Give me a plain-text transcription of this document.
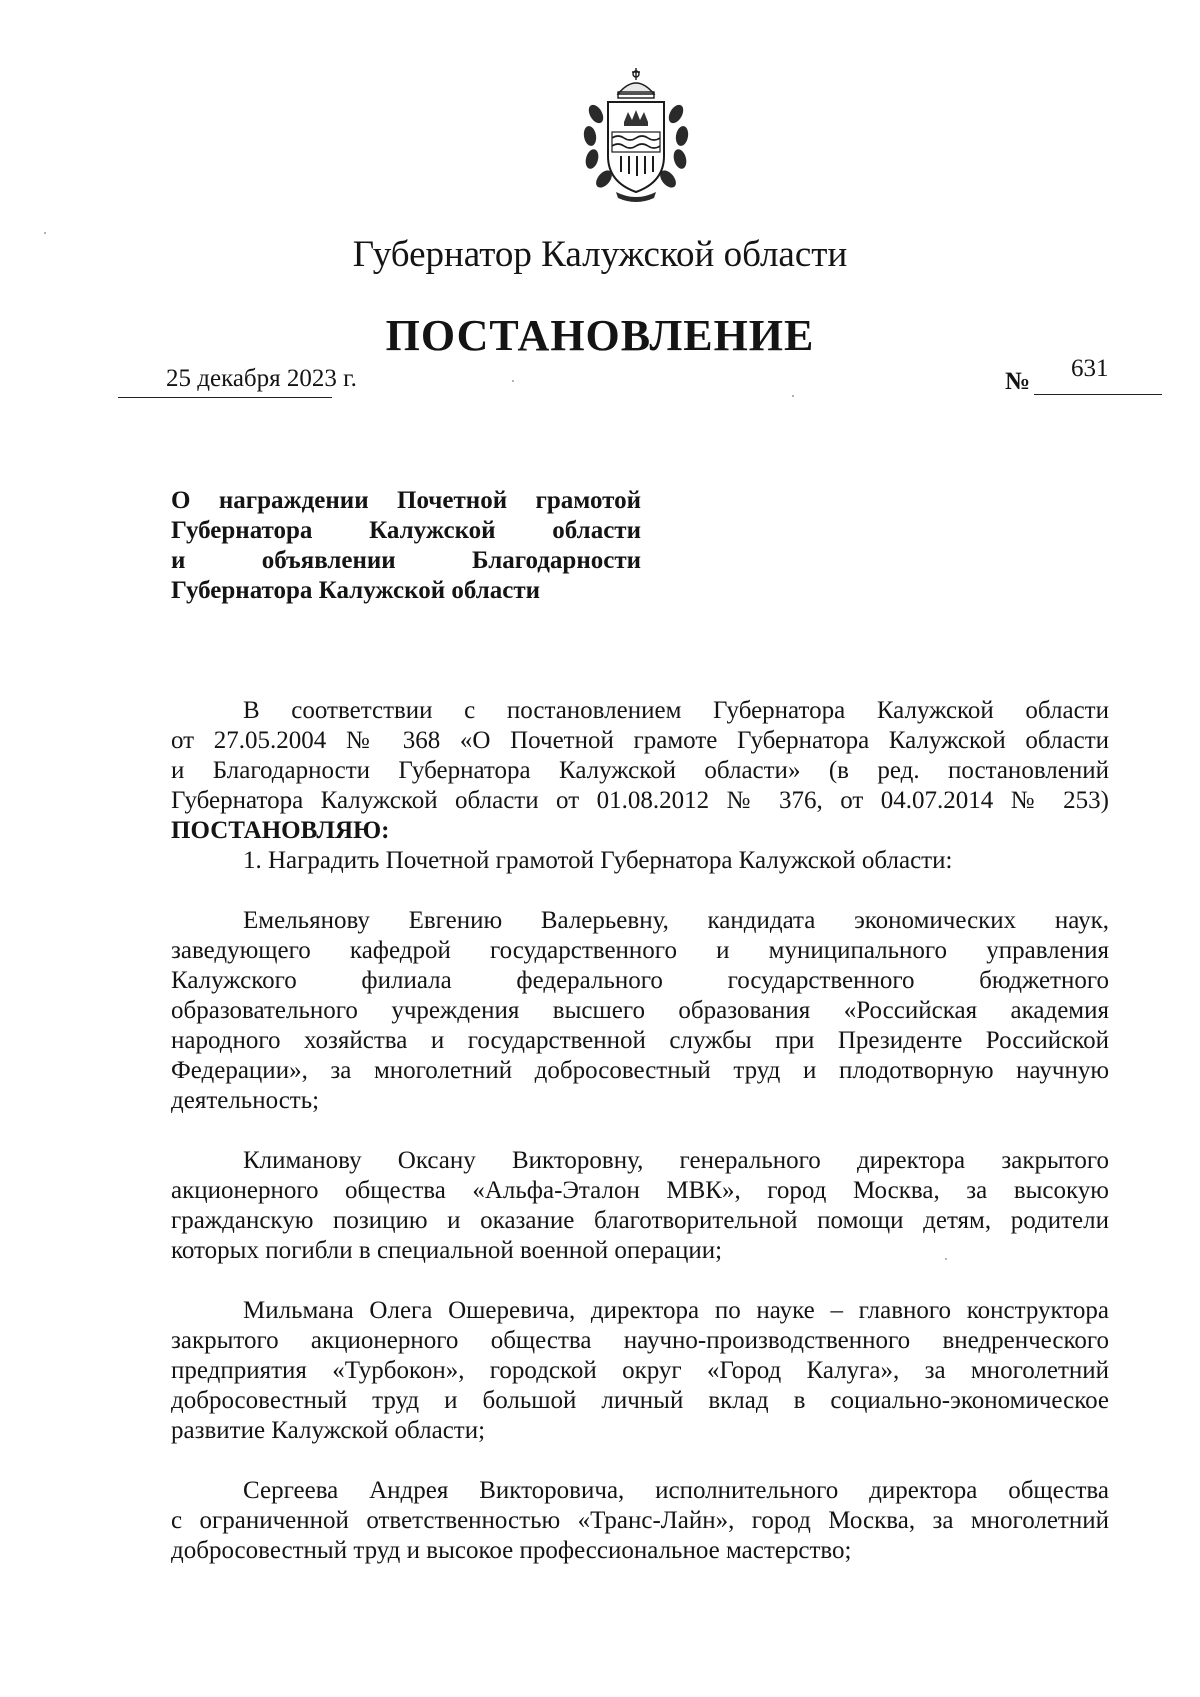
Губернатор Калужской области
ПОСТАНОВЛЕНИЕ
25 декабря 2023 г.	№ 631
О награждении Почетной грамотой
Губернатора Калужской области
и объявлении Благодарности
Губернатора Калужской области
В соответствии с постановлением Губернатора Калужской области
от 27.05.2004 № 368 «О Почетной грамоте Губернатора Калужской области
и Благодарности Губернатора Калужской области» (в ред. постановлений
Губернатора Калужской области от 01.08.2012 № 376, от 04.07.2014 № 253)
ПОСТАНОВЛЯЮ:
1. Наградить Почетной грамотой Губернатора Калужской области:
Емельянову Евгению Валерьевну, кандидата экономических наук,
заведующего кафедрой государственного и муниципального управления
Калужского филиала федерального государственного бюджетного
образовательного учреждения высшего образования «Российская академия
народного хозяйства и государственной службы при Президенте Российской
Федерации», за многолетний добросовестный труд и плодотворную научную
деятельность;
Климанову Оксану Викторовну, генерального директора закрытого
акционерного общества «Альфа-Эталон МВК», город Москва, за высокую
гражданскую позицию и оказание благотворительной помощи детям, родители
которых погибли в специальной военной операции;
Мильмана Олега Ошеревича, директора по науке – главного конструктора
закрытого акционерного общества научно-производственного внедренческого
предприятия «Турбокон», городской округ «Город Калуга», за многолетний
добросовестный труд и большой личный вклад в социально-экономическое
развитие Калужской области;
Сергеева Андрея Викторовича, исполнительного директора общества
с ограниченной ответственностью «Транс-Лайн», город Москва, за многолетний
добросовестный труд и высокое профессиональное мастерство;
